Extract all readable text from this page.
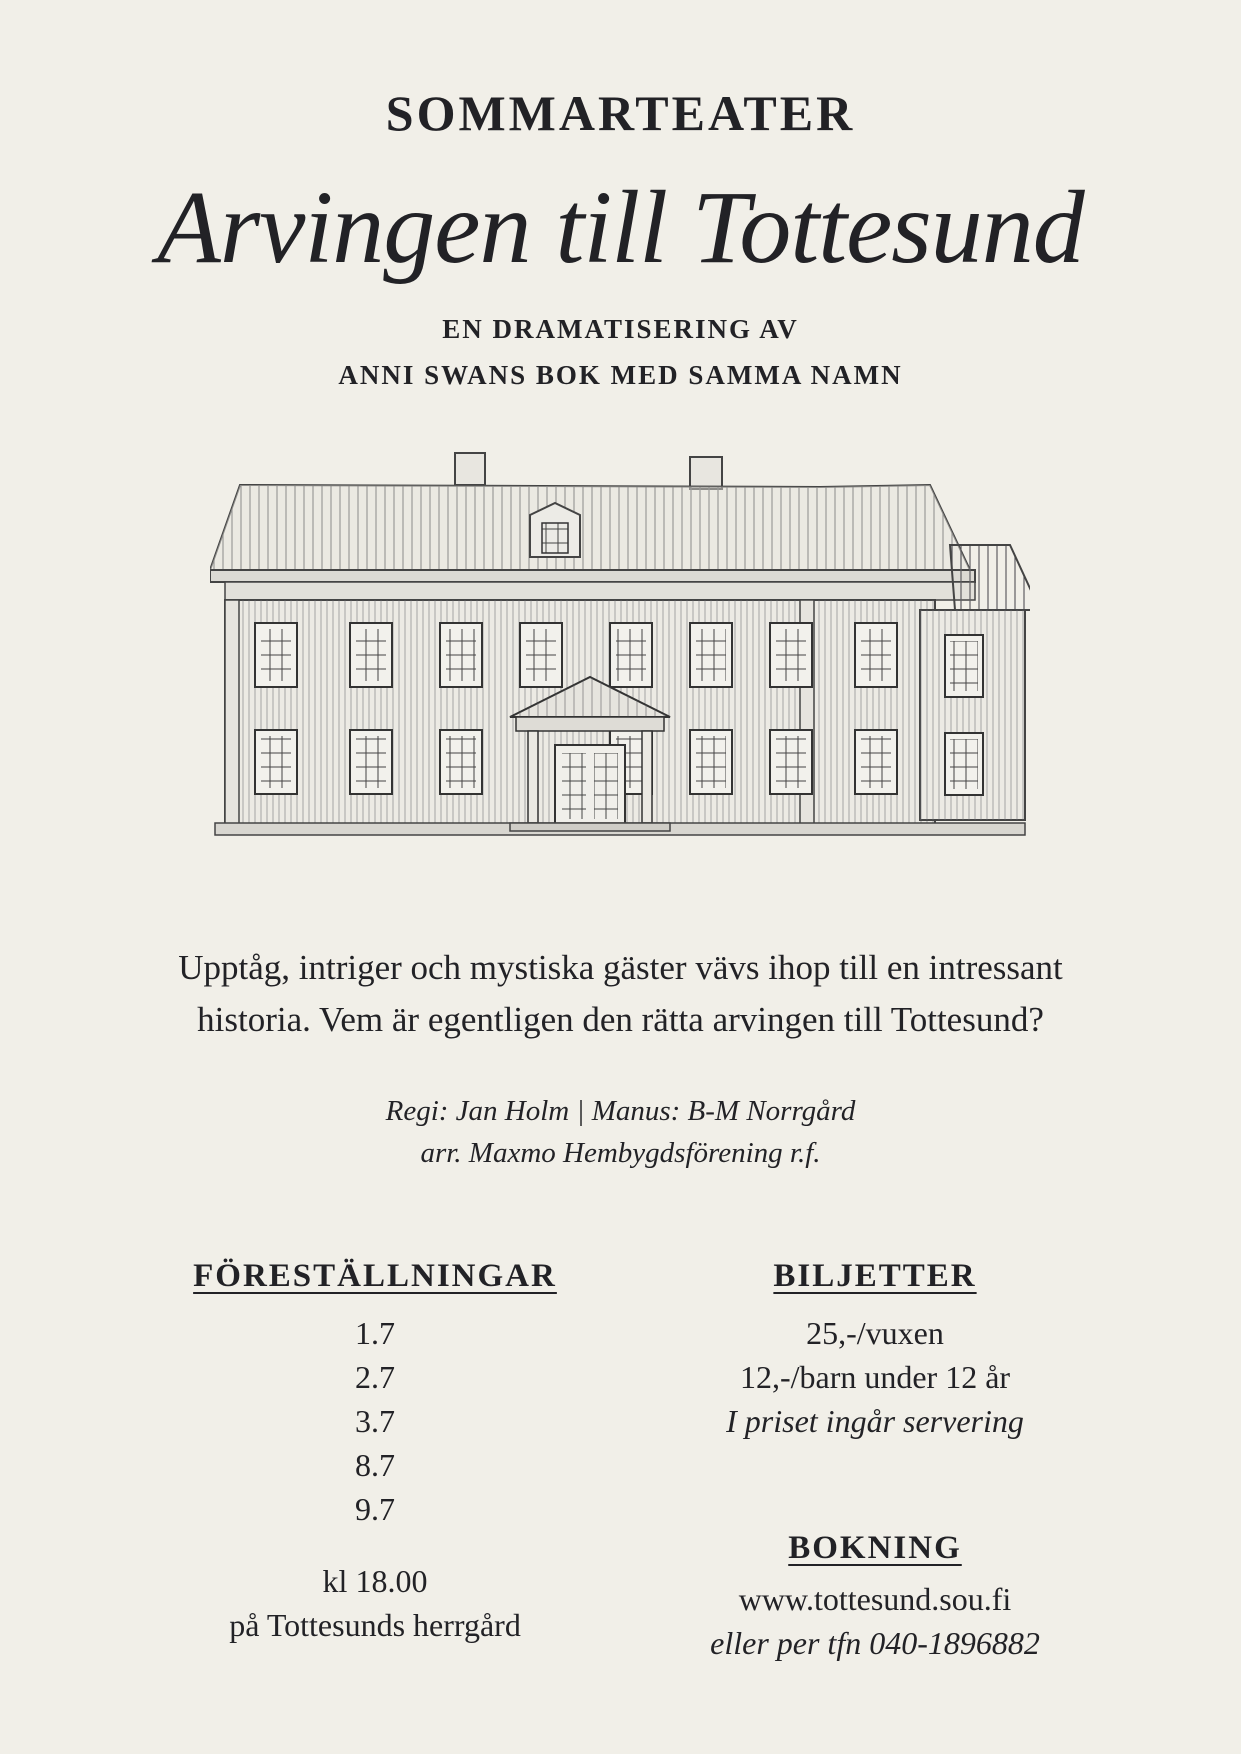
SOMMARTEATER
Arvingen till Tottesund
EN DRAMATISERING AV
ANNI SWANS BOK MED SAMMA NAMN
Upptåg, intriger och mystiska gäster vävs ihop till en intressant
historia. Vem är egentligen den rätta arvingen till Tottesund?
Regi: Jan Holm | Manus: B-M Norrgård
arr. Maxmo Hembygdsförening r.f.
FÖRESTÄLLNINGAR
1.7
2.7
3.7
8.7
9.7
kl 18.00
på Tottesunds herrgård
BILJETTER
25,-/vuxen
12,-/barn under 12 år
I priset ingår servering
BOKNING
www.tottesund.sou.fi
eller per tfn 040-1896882
